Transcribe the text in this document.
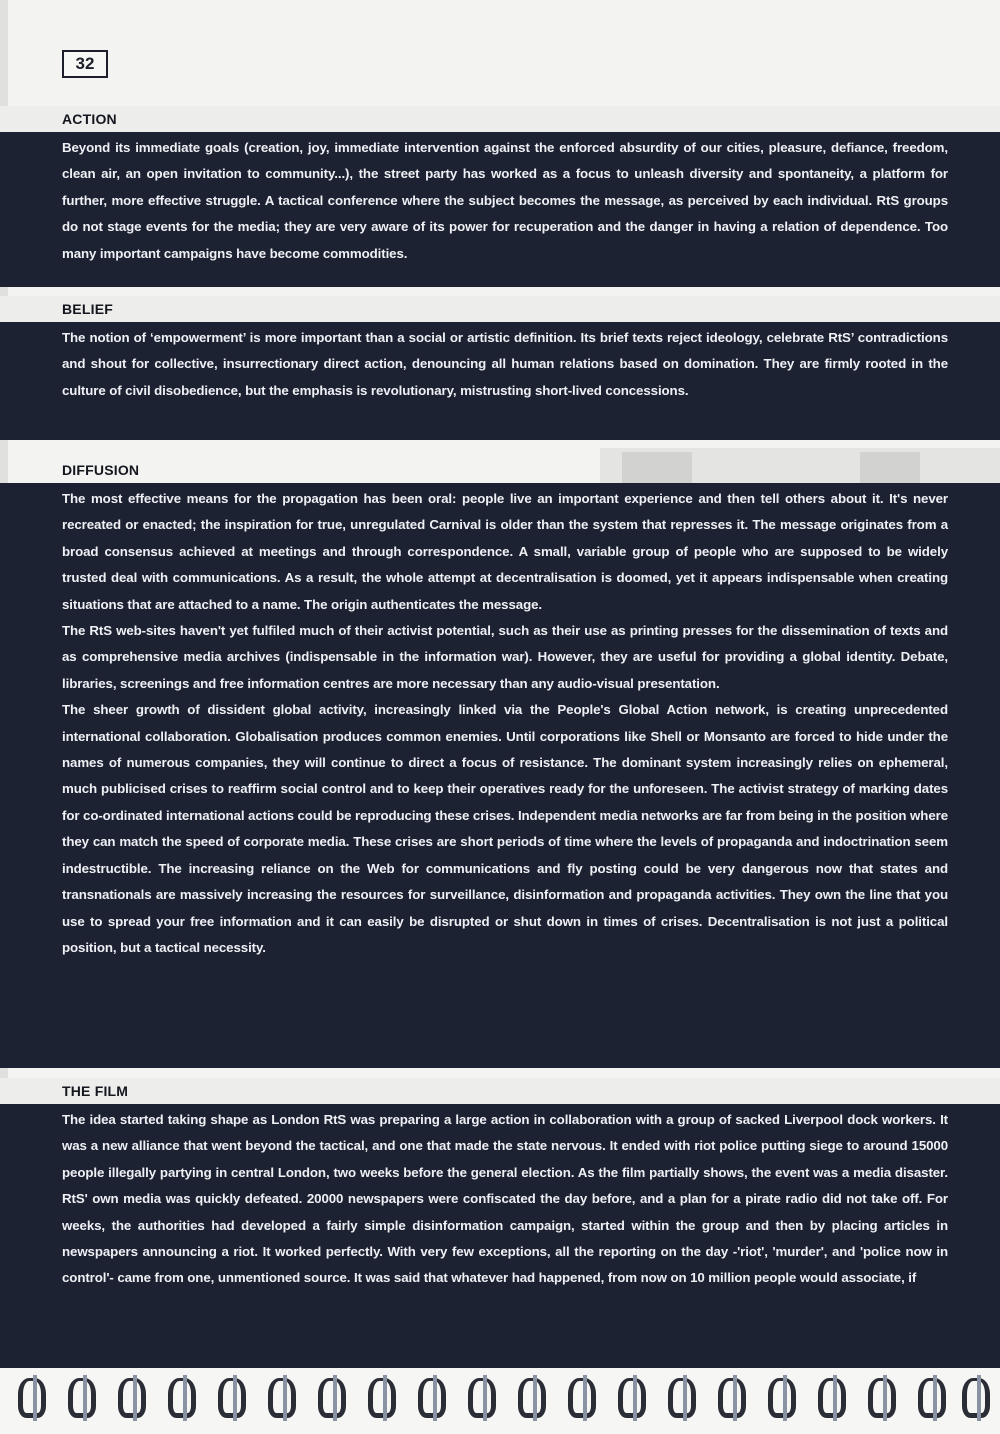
32
ACTION

Beyond its immediate goals (creation, joy, immediate intervention against the enforced absurdity of our cities, pleasure, defiance, freedom, clean air, an open invitation to community...), the street party has worked as a focus to unleash diversity and spontaneity, a platform for further, more effective struggle. A tactical conference where the subject becomes the message, as perceived by each individual. RtS groups do not stage events for the media; they are very aware of its power for recuperation and the danger in having a relation of dependence. Too many important campaigns have become commodities.

BELIEF

The notion of ‘empowerment’ is more important than a social or artistic definition. Its brief texts reject ideology, celebrate RtS’ contradictions and shout for collective, insurrectionary direct action, denouncing all human relations based on domination. They are firmly rooted in the culture of civil disobedience, but the emphasis is revolutionary, mistrusting short-lived concessions.

DIFFUSION

The most effective means for the propagation has been oral: people live an important experience and then tell others about it. It's never recreated or enacted; the inspiration for true, unregulated Carnival is older than the system that represses it. The message originates from a broad consensus achieved at meetings and through correspondence. A small, variable group of people who are supposed to be widely trusted deal with communications. As a result, the whole attempt at decentralisation is doomed, yet it appears indispensable when creating situations that are attached to a name. The origin authenticates the message.

The RtS web-sites haven't yet fulfiled much of their activist potential, such as their use as printing presses for the dissemination of texts and as comprehensive media archives (indispensable in the information war). However, they are useful for providing a global identity. Debate, libraries, screenings and free information centres are more necessary than any audio-visual presentation.

The sheer growth of dissident global activity, increasingly linked via the People's Global Action network, is creating unprecedented international collaboration. Globalisation produces common enemies. Until corporations like Shell or Monsanto are forced to hide under the names of numerous companies, they will continue to direct a focus of resistance. The dominant system increasingly relies on ephemeral, much publicised crises to reaffirm social control and to keep their operatives ready for the unforeseen. The activist strategy of marking dates for co-ordinated international actions could be reproducing these crises. Independent media networks are far from being in the position where they can match the speed of corporate media. These crises are short periods of time where the levels of propaganda and indoctrination seem indestructible. The increasing reliance on the Web for communications and fly posting could be very dangerous now that states and transnationals are massively increasing the resources for surveillance, disinformation and propaganda activities. They own the line that you use to spread your free information and it can easily be disrupted or shut down in times of crises. Decentralisation is not just a political position, but a tactical necessity.

THE FILM

The idea started taking shape as London RtS was preparing a large action in collaboration with a group of sacked Liverpool dock workers. It was a new alliance that went beyond the tactical, and one that made the state nervous. It ended with riot police putting siege to around 15000 people illegally partying in central London, two weeks before the general election. As the film partially shows, the event was a media disaster. RtS' own media was quickly defeated. 20000 newspapers were confiscated the day before, and a plan for a pirate radio did not take off. For weeks, the authorities had developed a fairly simple disinformation campaign, started within the group and then by placing articles in newspapers announcing a riot. It worked perfectly. With very few exceptions, all the reporting on the day -'riot', 'murder', and 'police now in control'- came from one, unmentioned source. It was said that whatever had happened, from now on 10 million people would associate, if
